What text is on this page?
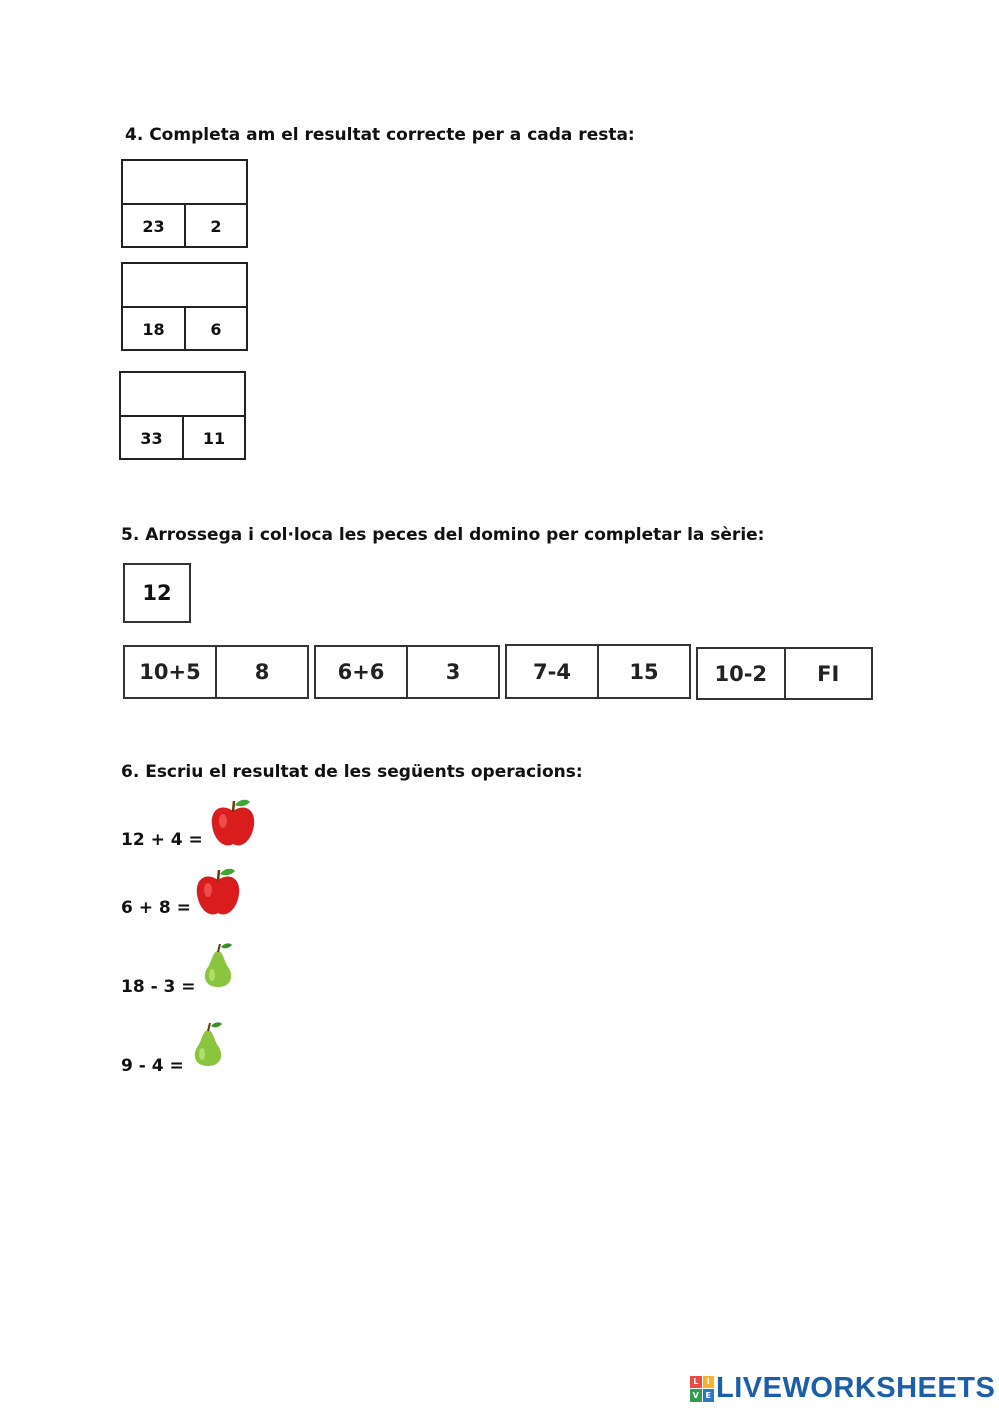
4. Completa am el resultat correcte per a cada resta:
23	2
18	6
33	11
5. Arrossega i col·loca les peces del domino per completar la sèrie:
12
10+5	8	6+6	3	7-4	15	10-2	FI
6. Escriu el resultat de les següents operacions:
12 + 4 =
6 + 8 =
18 - 3 =
9 - 4 =
L	I
V E LIVEWORKSHEETS
